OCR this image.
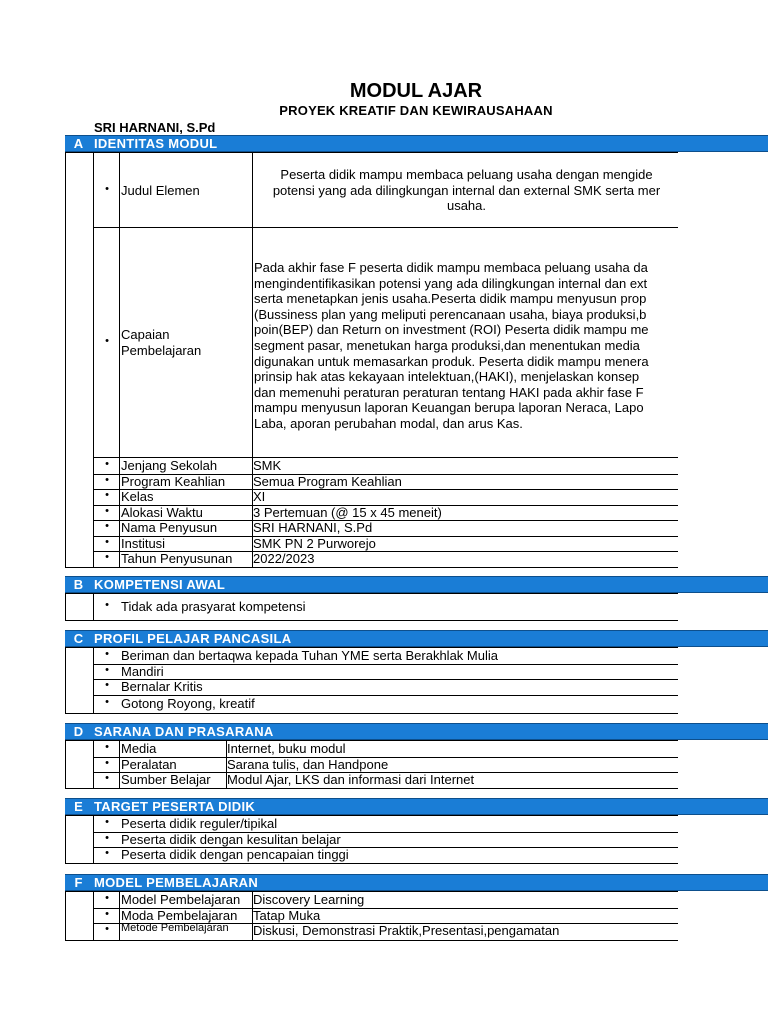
MODUL AJAR
PROYEK KREATIF DAN KEWIRAUSAHAAN
SRI HARNANI, S.Pd
A IDENTITAS MODUL
• Judul Elemen
Peserta didik mampu membaca peluang usaha dengan mengide
potensi yang ada dilingkungan internal dan external SMK serta mer
usaha.
• Capaian
Pembelajaran
Pada akhir fase F peserta didik mampu membaca peluang usaha da
mengindentifikasikan potensi yang ada dilingkungan internal dan ext
serta menetapkan jenis usaha.Peserta didik mampu menyusun prop
(Bussiness plan yang meliputi perencanaan usaha, biaya produksi,b
poin(BEP) dan Return on investment (ROI) Peserta didik mampu me
segment pasar, menetukan harga produksi,dan menentukan media
digunakan untuk memasarkan produk. Peserta didik mampu menera
prinsip hak atas kekayaan intelektuan,(HAKI), menjelaskan konsep
dan memenuhi peraturan peraturan tentang HAKI pada akhir fase F
mampu menyusun laporan Keuangan berupa laporan Neraca, Lapo
Laba, aporan perubahan modal, dan arus Kas.
• Jenjang Sekolah	SMK
• Program Keahlian Semua Program Keahlian
• Kelas	XI
• Alokasi Waktu	3 Pertemuan (@ 15 x 45 meneit)
• Nama Penyusun	SRI HARNANI, S.Pd
• Institusi	SMK PN 2 Purworejo
• Tahun Penyusunan 2022/2023
B KOMPETENSI AWAL
• Tidak ada prasyarat kompetensi
C PROFIL PELAJAR PANCASILA
• Beriman dan bertaqwa kepada Tuhan YME serta Berakhlak Mulia
• Mandiri
• Bernalar Kritis
• Gotong Royong, kreatif
D SARANA DAN PRASARANA
• Media	Internet, buku modul
• Peralatan	Sarana tulis, dan Handpone
• Sumber Belajar Modul Ajar, LKS dan informasi dari Internet
E TARGET PESERTA DIDIK
• Peserta didik reguler/tipikal
• Peserta didik dengan kesulitan belajar
• Peserta didik dengan pencapaian tinggi
F MODEL PEMBELAJARAN
• Model Pembelajaran Discovery Learning
• Moda Pembelajaran Tatap Muka
•	Metode Pembelajaran	Diskusi, Demonstrasi Praktik,Presentasi,pengamatan
